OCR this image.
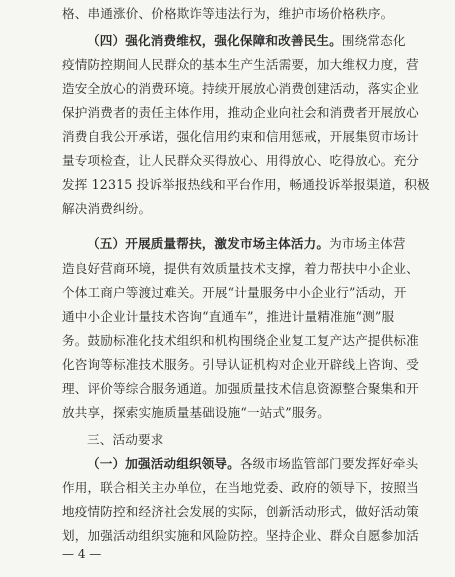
格、串通涨价、价格欺诈等违法行为，维护市场价格秩序。
（四）强化消费维权，强化保障和改善民生。围绕常态化
疫情防控期间人民群众的基本生产生活需要，加大维权力度，营
造安全放心的消费环境。持续开展放心消费创建活动，落实企业
保护消费者的责任主体作用，推动企业向社会和消费者开展放心
消费自我公开承诺，强化信用约束和信用惩戒，开展集贸市场计
量专项检查，让人民群众买得放心、用得放心、吃得放心。充分
发挥 12315 投诉举报热线和平台作用，畅通投诉举报渠道，积极
解决消费纠纷。
（五）开展质量帮扶，激发市场主体活力。为市场主体营
造良好营商环境，提供有效质量技术支撑，着力帮扶中小企业、
个体工商户等渡过难关。开展“计量服务中小企业行”活动，开
通中小企业计量技术咨询“直通车”，推进计量精准施“测”服
务。鼓励标准化技术组织和机构围绕企业复工复产达产提供标准
化咨询等标准技术服务。引导认证机构对企业开辟线上咨询、受
理、评价等综合服务通道。加强质量技术信息资源整合聚集和开
放共享，探索实施质量基础设施“一站式”服务。
三、活动要求
（一）加强活动组织领导。各级市场监管部门要发挥好牵头
作用，联合相关主办单位，在当地党委、政府的领导下，按照当
地疫情防控和经济社会发展的实际，创新活动形式，做好活动策
划，加强活动组织实施和风险防控。坚持企业、群众自愿参加活
— 4 —
